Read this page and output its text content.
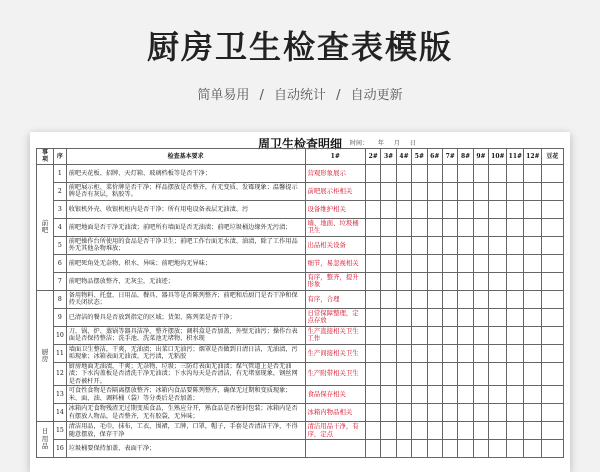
厨房卫生检查表模版
简单易用 / 自动统计 / 自动更新
周卫生检查明细	时间： 年 月 日
事项	序	检查基本要求	1#	2#	3#	4#	5#	6#	7#	8#	9#	10#	11#	12#	豆花
前吧	1	前吧天花板、招牌、天灯箱、玻璃档板等是否干净；	营观形象展示												
	2	前吧展示柜、菜价牌是否干净；样品摆放是否整齐，有无变质、发霉现象；温馨提示牌是否有灰层，粘胶等。	前吧展示柜相关												
	3	收银机外壳、收银机柜内是否干净；所有用电设备表层无油渍、污	设备维护相关												
	4	前吧地面是否干净无油渍；前吧所有墙面是否无油渍；前吧垃圾桶边缘外无污渍；	墙、地面、垃圾桶卫生												
	5	前吧操作台所使用的食品是否干净卫生；前吧工作台面无水渍、油渍，除了工作用品外无其他杂物堆放；	出品相关设备												
	6	前吧死角处无杂物、积水、异味；前吧地沟无异味；	细节，易忽视相关												
	7	前吧物品摆放整齐，无灰尘，无油迹；	有序，整齐，提升形象												
厨房	8	备用物料、托盘、日用品、餐具、器具等是否陈列整齐；前吧和后厨门是否干净和保持关闭状态；	有序，合理												
	9	已清洁的餐具是否放到指定的区域；货架、陈列架是否干净；	日常保障整理，定点存放												
	10	刀、锅、炉、蒸锅等器具洁净，整齐摆放；调料盒是否加盖，外壁无油污；操作台表面是否保持整洁；洗手池、洗菜池无堵物、积水现	生产直接相关卫生工作												
	11	墙面卫生整洁，干爽，无油渍；出菜口无油污；烟罩是否做到日清日洁，无油渍，污垢现象；冰箱表面无油渍、无污渍，无粘胶	生产间接相关卫生												
	12	厨房地面无油渍，干爽；无杂物、垃圾；三防灯表面无油渍；煤气管道上是否无油渍；下水沟盖板是否清洗干净无油渍；下水沟每天是否清洁，有无堵塞现象，钢丝网是否被杆开。	生产附带相关卫生												
	13	可食性食物是否隔离摆放整齐；冰箱内食品要陈列整齐，确保无过期和变质现象；米、面、油、调料桶（袋）等分类后是否加盖；	食品保存相关												
	14	冰箱内无食物残渣无过期变质食品，生熟应分开，熟食品是否密封包装；冰箱内是否有摆放人物品，是否整齐，无有胶袋，无异味；	冰箱内物品相关												
日用品	15	清洁用品，毛巾，抹布，工衣，围裙，工牌，口罩，帽子，手套是否清洁干净，不得随意摆放，保存干净	清洁用品干净，有序，定点												
	16	垃圾桶要保持加盖、表面干净；													
